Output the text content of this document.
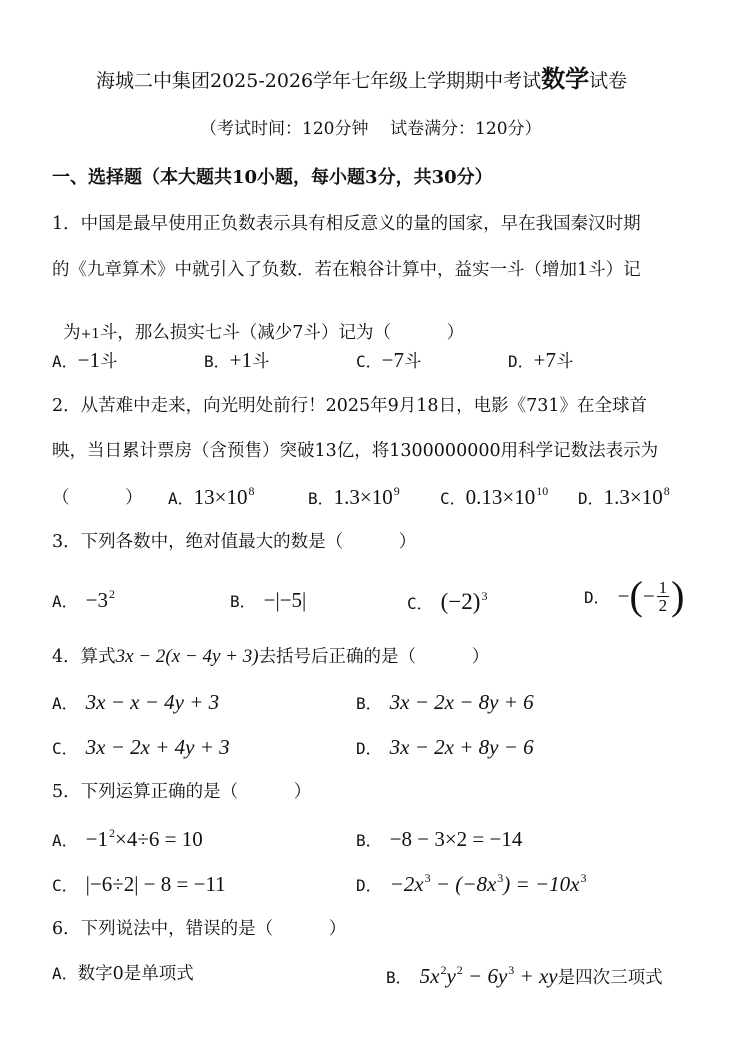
海城二中集团2025-2026学年七年级上学期期中考试数学试卷
（考试时间：120分钟    试卷满分：120分）
一、选择题（本大题共10小题，每小题3分，共30分）
1．中国是最早使用正负数表示具有相反意义的量的国家，早在我国秦汉时期
的《九章算术》中就引入了负数．若在粮谷计算中，益实一斗（增加1斗）记

为+1斗，那么损实七斗（减少7斗）记为（          ）

A．−1斗	B．+1斗	C．−7斗	D．+7斗
2．从苦难中走来，向光明处前行！2025年9月18日，电影《731》在全球首
映，当日累计票房（含预售）突破13亿，将1300000000用科学记数法表示为
（          ） A．$13\times 10^8$	B．$1.3\times 10^9$	C．$0.13\times 10^{10}$ D．$1.3\times 10^8$
3．下列各数中，绝对值最大的数是（          ）
A． $-3^2$	B． −|−5|	C． $(-2)^3$	D． − ( − $\frac{1}{2}$ )
4．算式3x − 2(x − 4y + 3)去括号后正确的是（          ）
A． 3x − x − 4y + 3	B． 3x − 2x − 8y + 6
C． 3x − 2x + 4y + 3	D． 3x − 2x + 8y − 6
5．下列运算正确的是（          ）
A． $-1^2\times 4\div 6 = 10$	B． −8 − 3×2 = −14
C． |−6÷2| − 8 = −11	D． $-2x^3 - (-8x^3) = -10x^3$
6．下列说法中，错误的是（          ）
A．数字0是单项式	B． $5x^2y^2 - 6y^3$ + xy是四次三项式
